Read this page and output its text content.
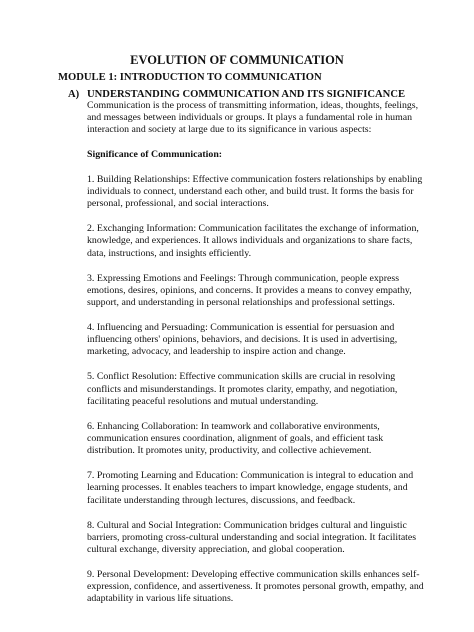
EVOLUTION OF COMMUNICATION
MODULE 1: INTRODUCTION TO COMMUNICATION
A) UNDERSTANDING COMMUNICATION AND ITS SIGNIFICANCE

Communication is the process of transmitting information, ideas, thoughts, feelings, and messages between individuals or groups. It plays a fundamental role in human interaction and society at large due to its significance in various aspects:

Significance of Communication:

1. Building Relationships: Effective communication fosters relationships by enabling individuals to connect, understand each other, and build trust. It forms the basis for personal, professional, and social interactions.

2. Exchanging Information: Communication facilitates the exchange of information, knowledge, and experiences. It allows individuals and organizations to share facts, data, instructions, and insights efficiently.

3. Expressing Emotions and Feelings: Through communication, people express emotions, desires, opinions, and concerns. It provides a means to convey empathy, support, and understanding in personal relationships and professional settings.

4. Influencing and Persuading: Communication is essential for persuasion and influencing others' opinions, behaviors, and decisions. It is used in advertising, marketing, advocacy, and leadership to inspire action and change.

5. Conflict Resolution: Effective communication skills are crucial in resolving conflicts and misunderstandings. It promotes clarity, empathy, and negotiation, facilitating peaceful resolutions and mutual understanding.

6. Enhancing Collaboration: In teamwork and collaborative environments, communication ensures coordination, alignment of goals, and efficient task distribution. It promotes unity, productivity, and collective achievement.

7. Promoting Learning and Education: Communication is integral to education and learning processes. It enables teachers to impart knowledge, engage students, and facilitate understanding through lectures, discussions, and feedback.

8. Cultural and Social Integration: Communication bridges cultural and linguistic barriers, promoting cross-cultural understanding and social integration. It facilitates cultural exchange, diversity appreciation, and global cooperation.

9. Personal Development: Developing effective communication skills enhances self-expression, confidence, and assertiveness. It promotes personal growth, empathy, and adaptability in various life situations.
